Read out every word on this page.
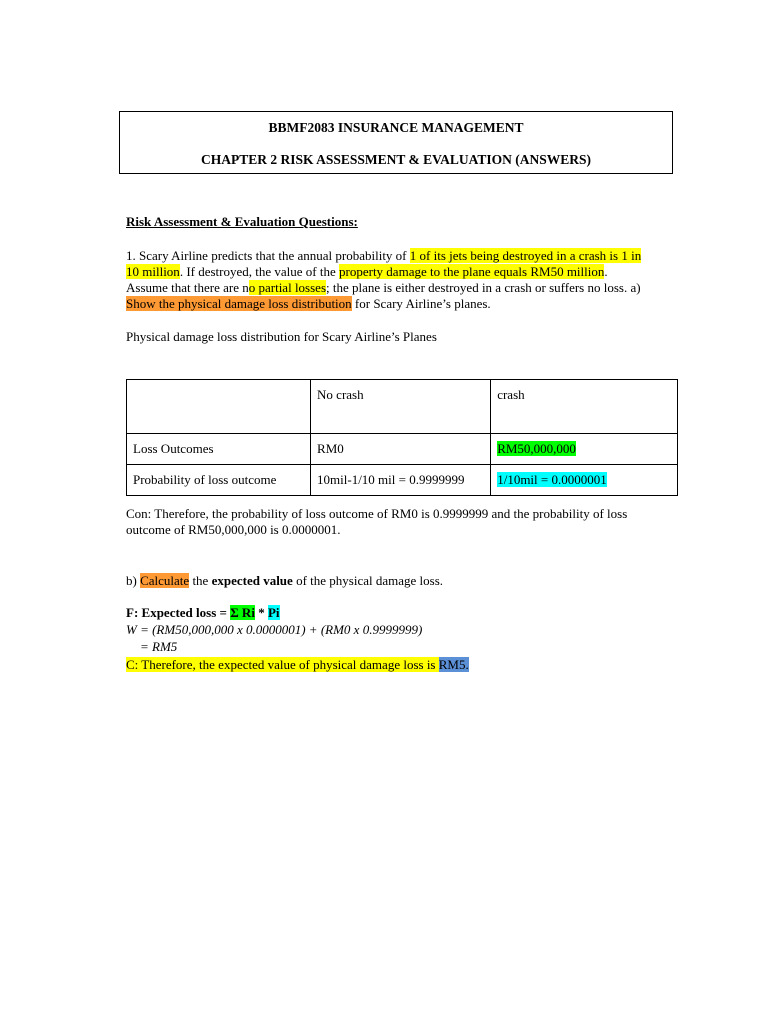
BBMF2083 INSURANCE MANAGEMENT
CHAPTER 2 RISK ASSESSMENT & EVALUATION (ANSWERS)
Risk Assessment & Evaluation Questions:
1. Scary Airline predicts that the annual probability of 1 of its jets being destroyed in a crash is 1 in
10 million. If destroyed, the value of the property damage to the plane equals RM50 million.
Assume that there are no partial losses; the plane is either destroyed in a crash or suffers no loss. a)
Show the physical damage loss distribution for Scary Airline’s planes.
Physical damage loss distribution for Scary Airline’s Planes
	No crash	crash
Loss Outcomes	RM0	RM50,000,000
Probability of loss outcome	10mil-1/10 mil = 0.9999999	1/10mil = 0.0000001
Con: Therefore, the probability of loss outcome of RM0 is 0.9999999 and the probability of loss
outcome of RM50,000,000 is 0.0000001.
b) Calculate the expected value of the physical damage loss.
F: Expected loss = Σ Ri * Pi
W = (RM50,000,000 x 0.0000001) + (RM0 x 0.9999999)
= RM5
C: Therefore, the expected value of physical damage loss is RM5.
